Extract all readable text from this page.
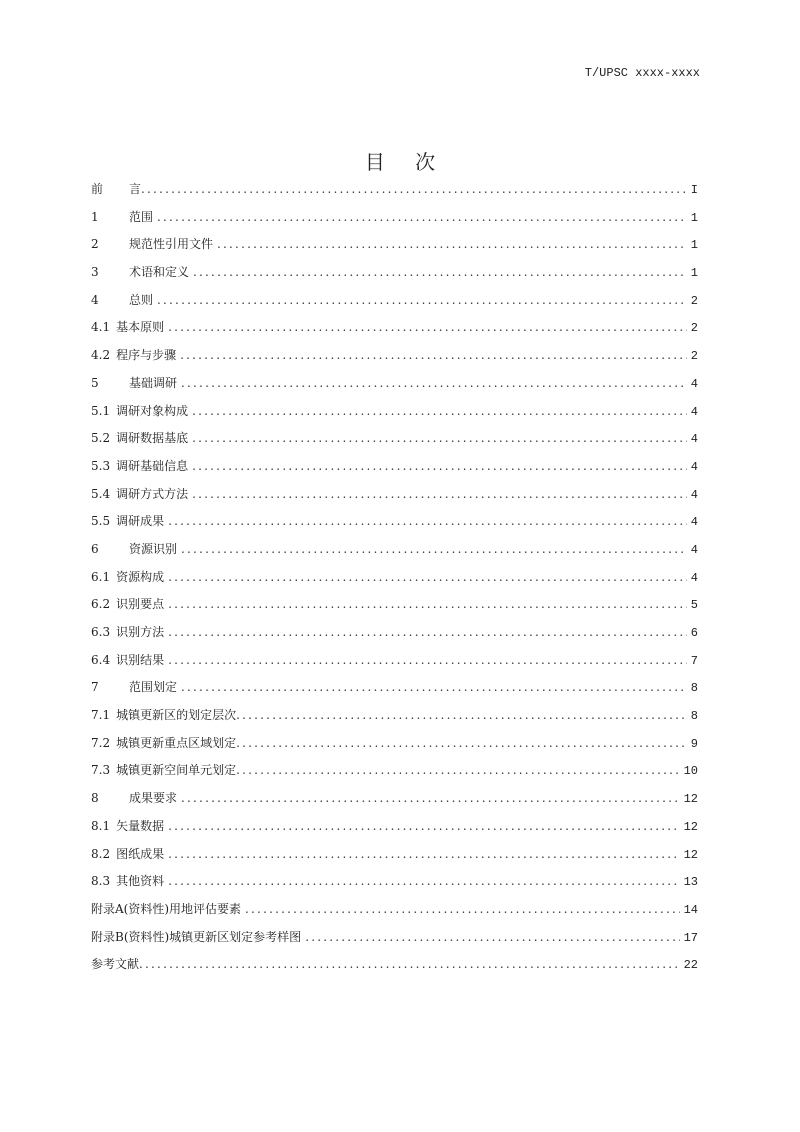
T/UPSC xxxx-xxxx
目 次
前	言 .....	I
1	范围 .....	1
2	规范性引用文件 .....	1
3	术语和定义 .....	1
4	总则 .....	2
4.1 基本原则 .....	2
4.2 程序与步骤 .....	2
5	基础调研 .....	4
5.1 调研对象构成 .....	4
5.2 调研数据基底 .....	4
5.3 调研基础信息 .....	4
5.4 调研方式方法 .....	4
5.5 调研成果 .....	4
6	资源识别 .....	4
6.1 资源构成 .....	4
6.2 识别要点 .....	5
6.3 识别方法 .....	6
6.4 识别结果 .....	7
7	范围划定 .....	8
7.1 城镇更新区的划定层次 .....	8
7.2 城镇更新重点区域划定 .....	9
7.3 城镇更新空间单元划定 .....	10
8	成果要求 .....	12
8.1 矢量数据 .....	12
8.2 图纸成果 .....	12
8.3 其他资料 .....	13
附录A(资料性)用地评估要素 .....	14
附录B(资料性)城镇更新区划定参考样图 .....	17
参考文献 .....	22
